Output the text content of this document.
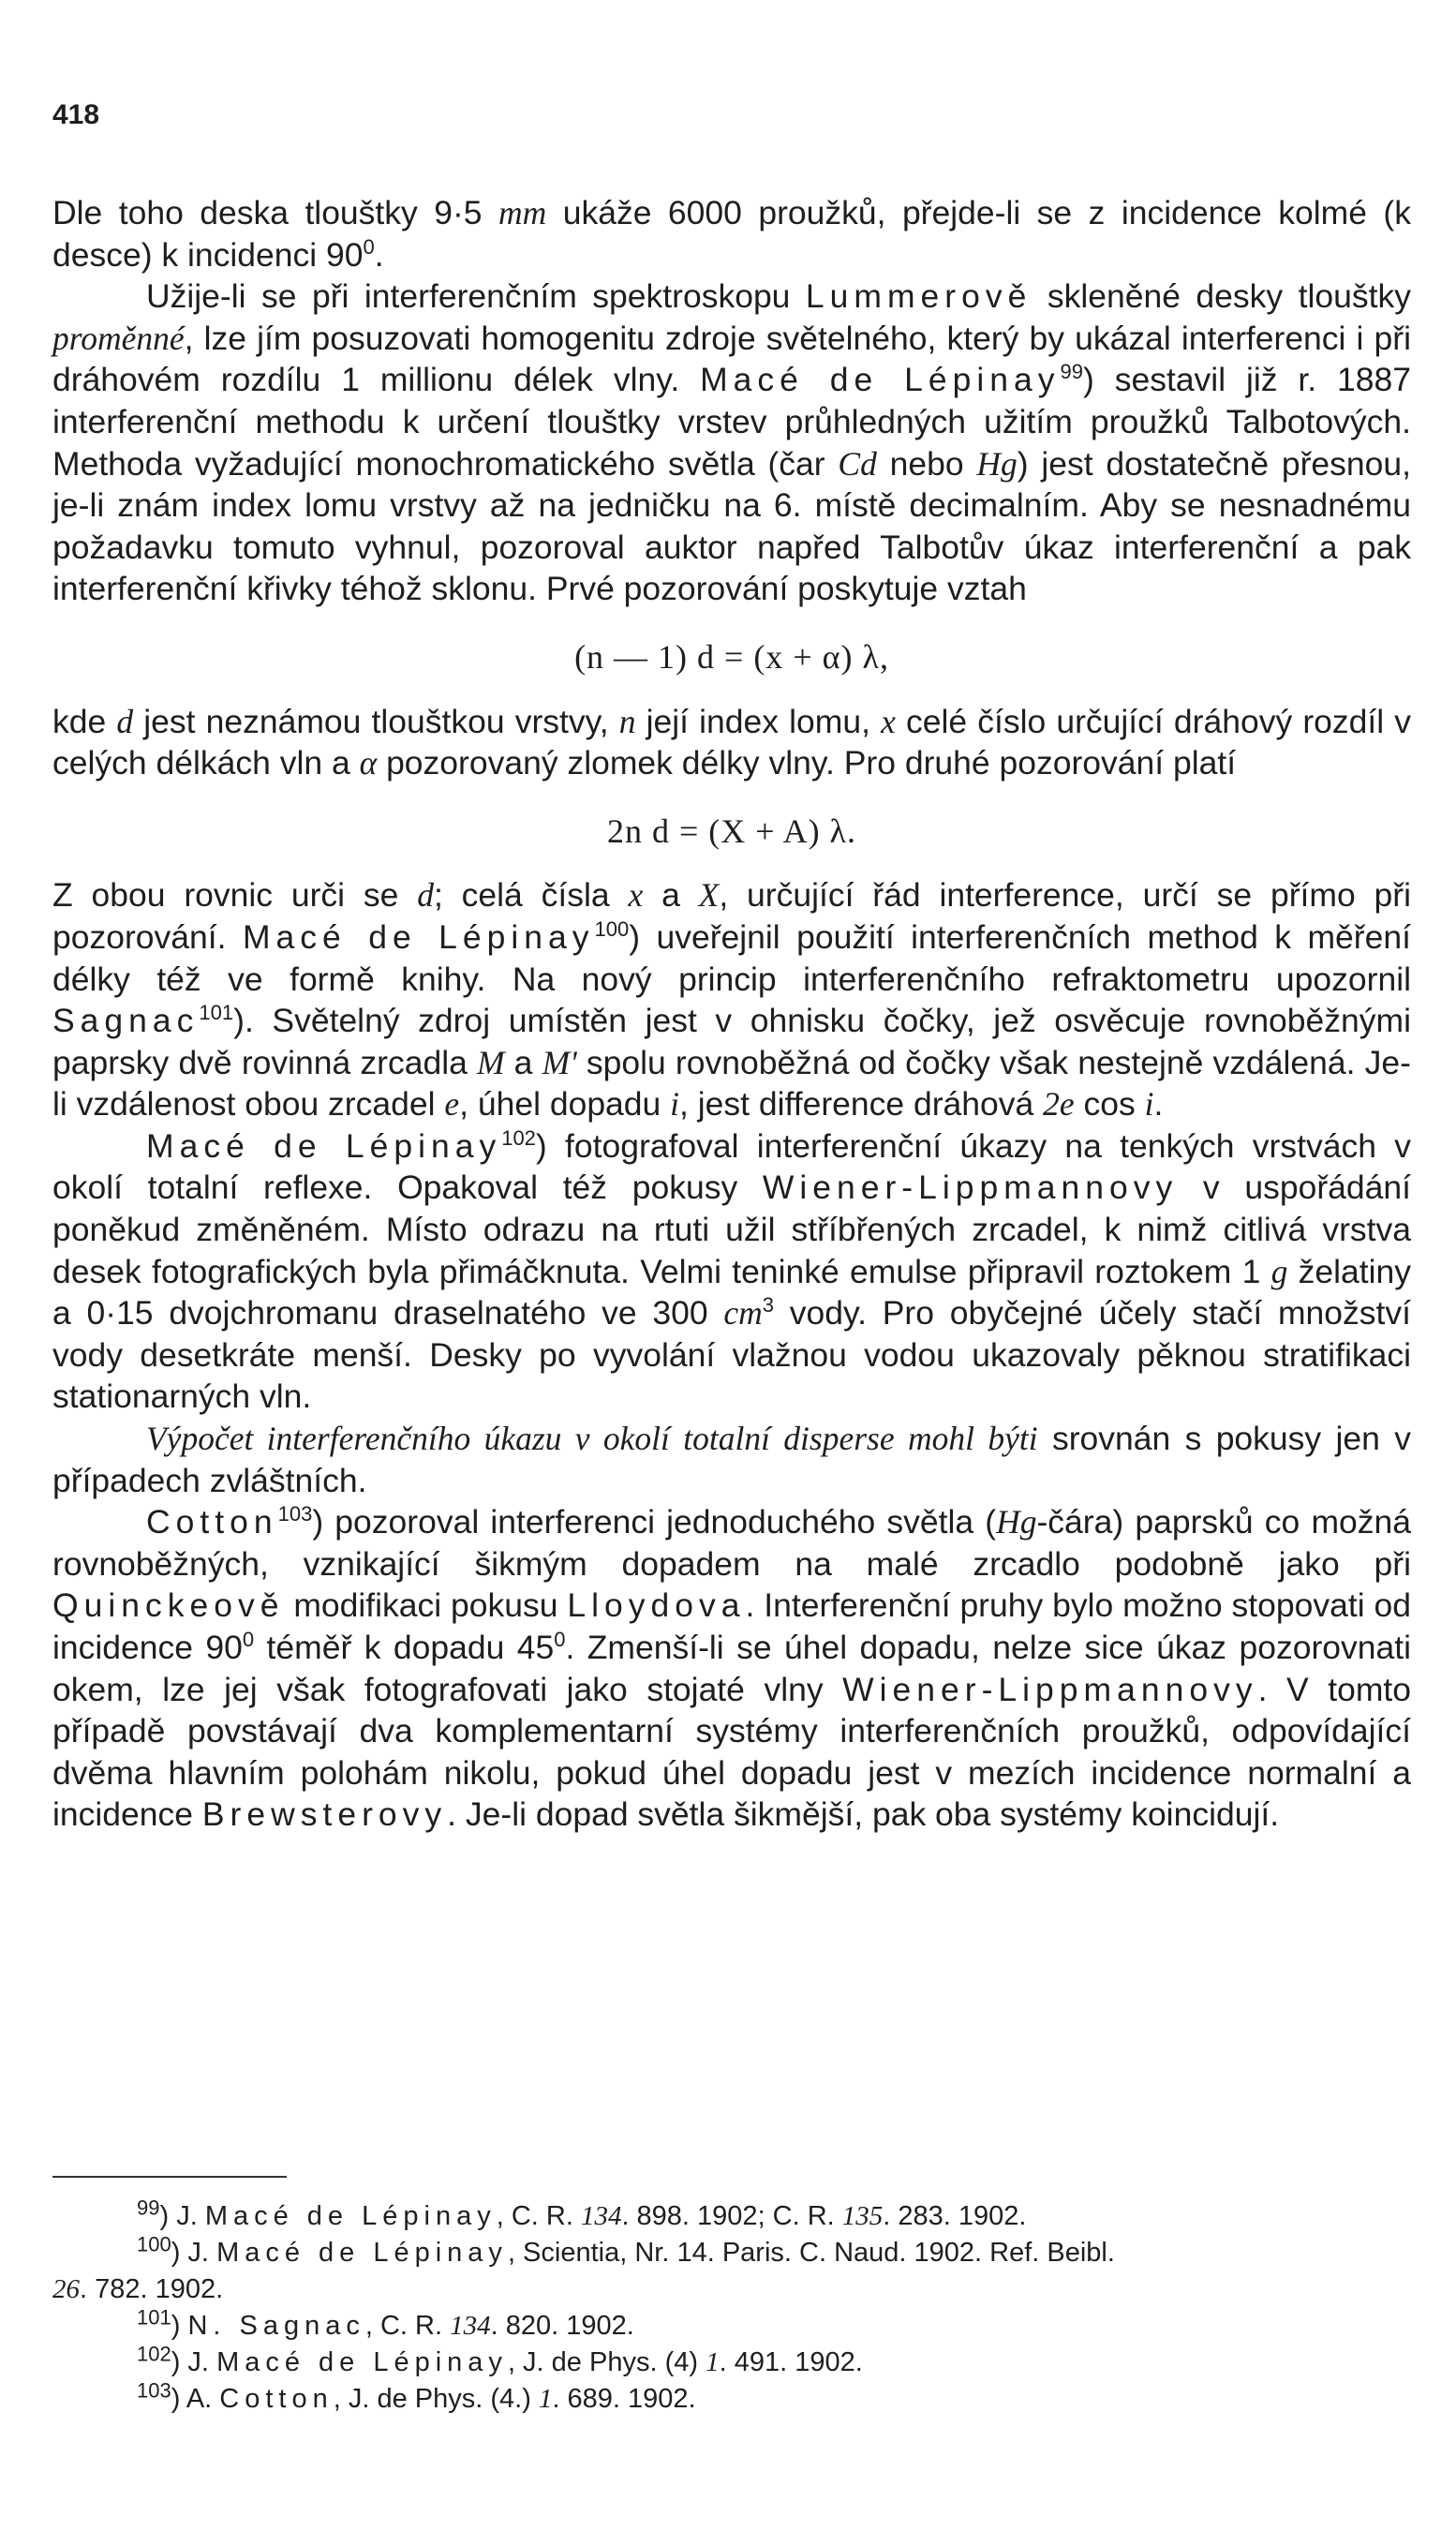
418

Dle toho deska tlouštky 9·5 mm ukáže 6000 proužků, přejde-li se z incidence kolmé (k desce) k incidenci $90^0$.

Užije-li se při interferenčním spektroskopu Lummerově skleněné desky tlouštky proměnné, lze jím posuzovati homogenitu zdroje světelného, který by ukázal interferenci i při dráhovém rozdílu 1 millionu délek vlny. Macé de Lépinay$^{99}$) sestavil již r. 1887 interferenční methodu k určení tlouštky vrstev průhledných užitím proužků Talbotových. Methoda vyžadující monochromatického světla (čar Cd nebo Hg) jest dostatečně přesnou, je-li znám index lomu vrstvy až na jedničku na 6. místě decimalním. Aby se nesnadnému požadavku tomuto vyhnul, pozoroval auktor napřed Talbotův úkaz interferenční a pak interferenční křivky téhož sklonu. Prvé pozorování poskytuje vztah

(n — 1) d = (x + α) λ,

kde d jest neznámou tlouštkou vrstvy, n její index lomu, x celé číslo určující dráhový rozdíl v celých délkách vln a α pozorovaný zlomek délky vlny. Pro druhé pozorování platí

2n d = (X + A) λ.

Z obou rovnic urči se d; celá čísla x a X, určující řád interference, určí se přímo při pozorování. Macé de Lépinay$^{100}$) uveřejnil použití interferenčních method k měření délky též ve formě knihy. Na nový princip interferenčního refraktometru upozornil Sagnac$^{101}$). Světelný zdroj umístěn jest v ohnisku čočky, jež osvěcuje rovnoběžnými paprsky dvě rovinná zrcadla M a M' spolu rovnoběžná od čočky však nestejně vzdálená. Je-li vzdálenost obou zrcadel e, úhel dopadu i, jest difference dráhová 2e cos i.

Macé de Lépinay$^{102}$) fotografoval interferenční úkazy na tenkých vrstvách v okolí totalní reflexe. Opakoval též pokusy Wiener-Lippmannovy v uspořádání poněkud změněném. Místo odrazu na rtuti užil stříbřených zrcadel, k nimž citlivá vrstva desek fotografických byla přimáčknuta. Velmi teninké emulse připravil roztokem 1 g želatiny a 0·15 dvojchromanu draselnatého ve 300 $cm^3$ vody. Pro obyčejné účely stačí množství vody desetkráte menší. Desky po vyvolání vlažnou vodou ukazovaly pěknou stratifikaci stationarných vln.

Výpočet interferenčního úkazu v okolí totalní disperse mohl býti srovnán s pokusy jen v případech zvláštních.

Cotton$^{103}$) pozoroval interferenci jednoduchého světla (Hg-čára) paprsků co možná rovnoběžných, vznikající šikmým dopadem na malé zrcadlo podobně jako při Quinckeově modifikaci pokusu Lloydova. Interferenční pruhy bylo možno stopovati od incidence $90^0$ téměř k dopadu $45^0$. Zmenší-li se úhel dopadu, nelze sice úkaz pozorovnati okem, lze jej však fotografovati jako stojaté vlny Wiener-Lippmannovy. V tomto případě povstávají dva komplementarní systémy interferenčních proužků, odpovídající dvěma hlavním polohám nikolu, pokud úhel dopadu jest v mezích incidence normalní a incidence Brewsterovy. Je-li dopad světla šikmější, pak oba systémy koincidují.

$^{99}$) J. Macé de Lépinay, C. R. 134. 898. 1902; C. R. 135. 283. 1902.

$^{100}$) J. Macé de Lépinay, Scientia, Nr. 14. Paris. C. Naud. 1902. Ref. Beibl.

26. 782. 1902.

$^{101}$) N. Sagnac, C. R. 134. 820. 1902.

$^{102}$) J. Macé de Lépinay, J. de Phys. (4) 1. 491. 1902.

$^{103}$) A. Cotton, J. de Phys. (4.) 1. 689. 1902.
